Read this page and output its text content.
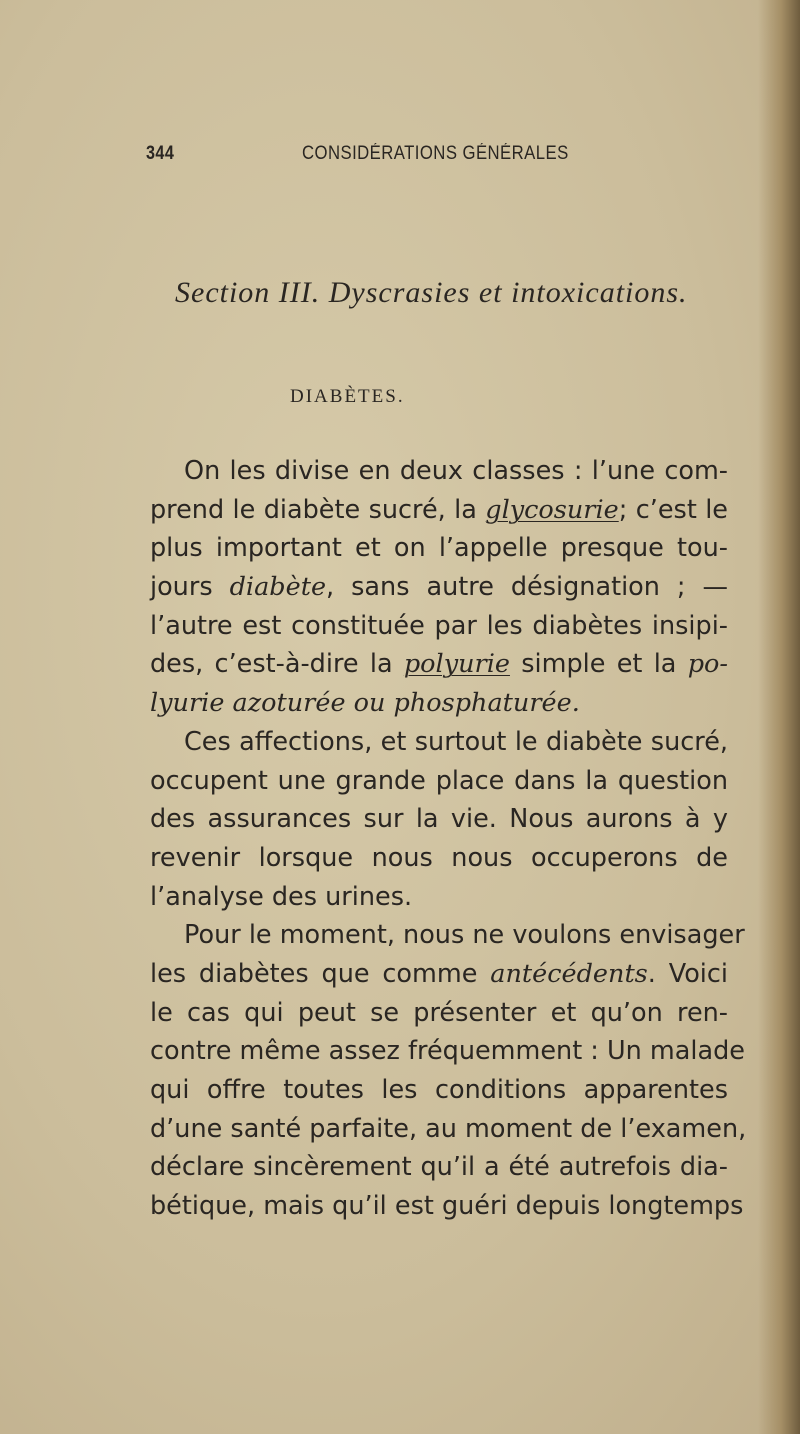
344	CONSIDÉRATIONS GÉNÉRALES
Section III. Dyscrasies et intoxications.
DIABÈTES.
On les divise en deux classes : l’une com-
prend le diabète sucré, la glycosurie; c’est le
plus important et on l’appelle presque tou-
jours diabète, sans autre désignation ; —
l’autre est constituée par les diabètes insipi-
des, c’est-à-dire la polyurie simple et la po-
lyurie azoturée ou phosphaturée.
Ces affections, et surtout le diabète sucré,
occupent une grande place dans la question
des assurances sur la vie. Nous aurons à y
revenir lorsque nous nous occuperons de
l’analyse des urines.
Pour le moment, nous ne voulons envisager
les diabètes que comme antécédents. Voici
le cas qui peut se présenter et qu’on ren-
contre même assez fréquemment : Un malade
qui offre toutes les conditions apparentes
d’une santé parfaite, au moment de l’examen,
déclare sincèrement qu’il a été autrefois dia-
bétique, mais qu’il est guéri depuis longtemps
